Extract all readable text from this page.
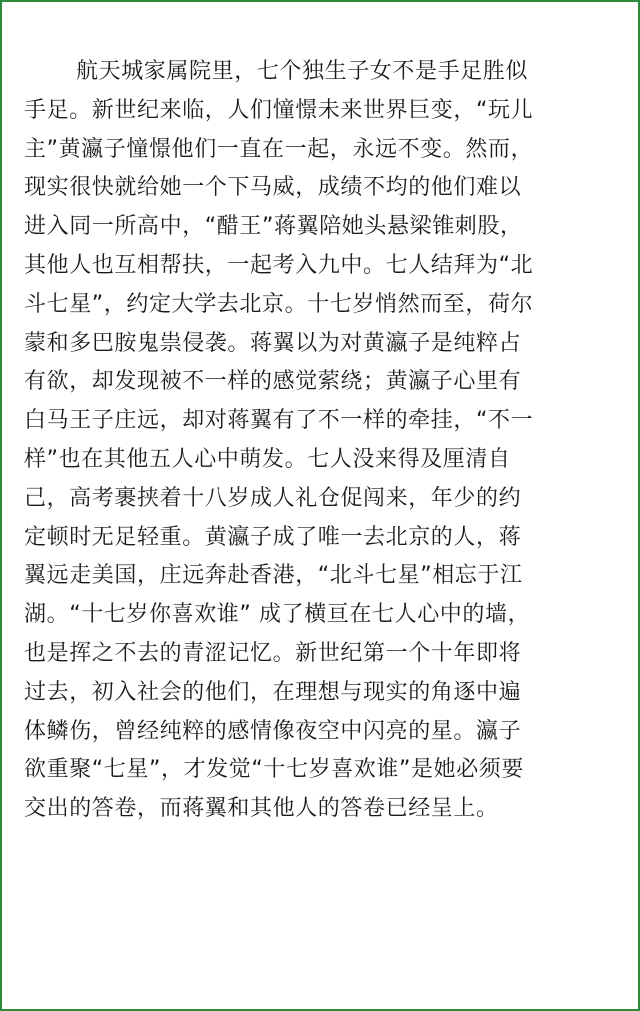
航天城家属院里，七个独生子女不是手足胜似
手足。新世纪来临，人们憧憬未来世界巨变，“玩儿
主”黄瀛子憧憬他们一直在一起，永远不变。然而，
现实很快就给她一个下马威，成绩不均的他们难以
进入同一所高中，“醋王”蒋翼陪她头悬梁锥刺股，
其他人也互相帮扶，一起考入九中。七人结拜为“北
斗七星”，约定大学去北京。十七岁悄然而至，荷尔
蒙和多巴胺鬼祟侵袭。蒋翼以为对黄瀛子是纯粹占
有欲，却发现被不一样的感觉萦绕；黄瀛子心里有
白马王子庄远，却对蒋翼有了不一样的牵挂，“不一
样”也在其他五人心中萌发。七人没来得及厘清自
己，高考裹挟着十八岁成人礼仓促闯来，年少的约
定顿时无足轻重。黄瀛子成了唯一去北京的人，蒋
翼远走美国，庄远奔赴香港，“北斗七星”相忘于江
湖。“十七岁你喜欢谁” 成了横亘在七人心中的墙，
也是挥之不去的青涩记忆。新世纪第一个十年即将
过去，初入社会的他们，在理想与现实的角逐中遍
体鳞伤，曾经纯粹的感情像夜空中闪亮的星。瀛子
欲重聚“七星”，才发觉“十七岁喜欢谁”是她必须要
交出的答卷，而蒋翼和其他人的答卷已经呈上。
